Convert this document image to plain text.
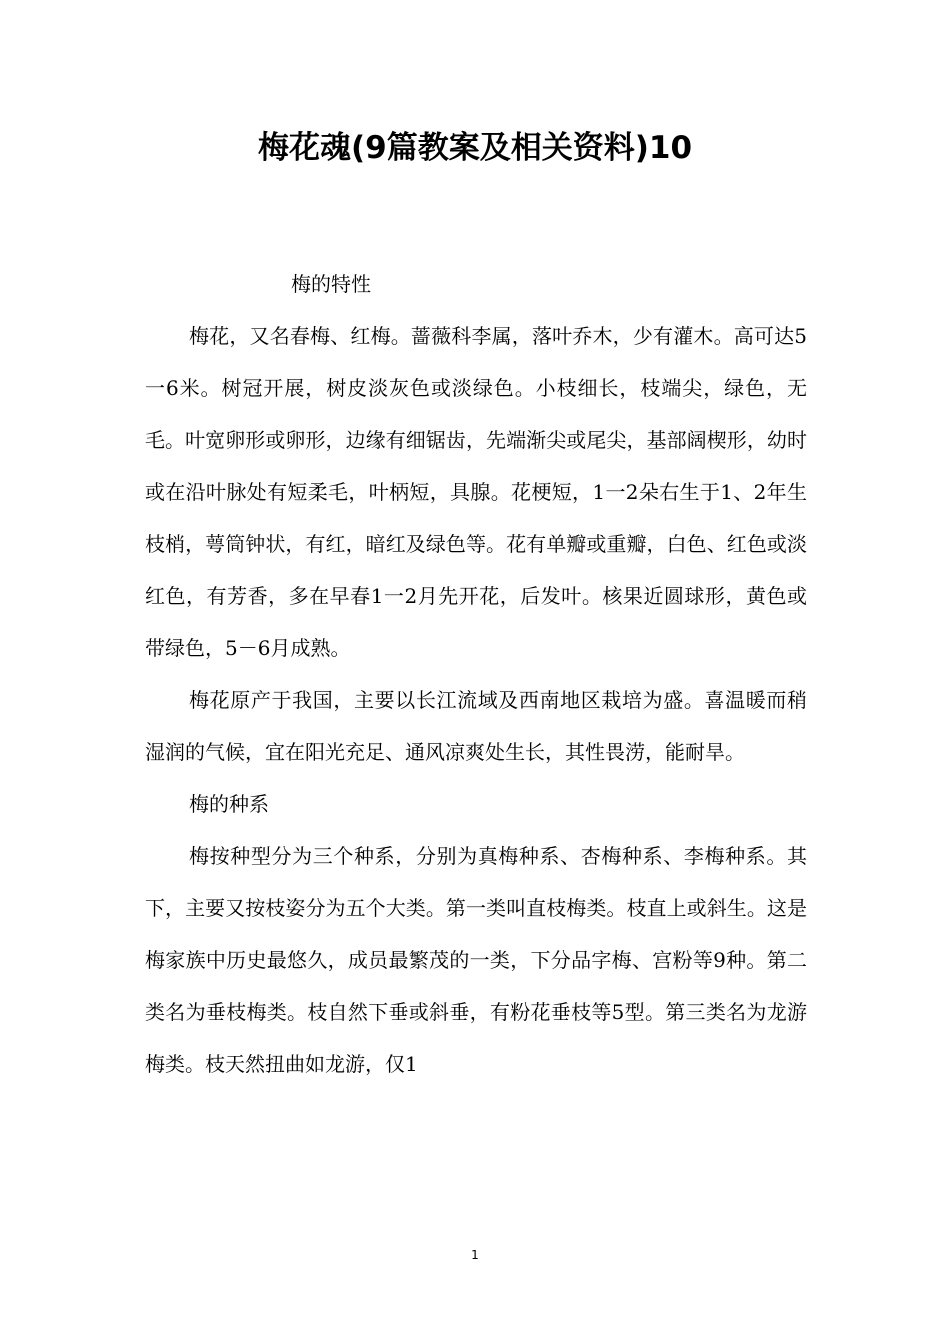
梅花魂(9篇教案及相关资料)10

梅的特性

梅花，又名春梅、红梅。蔷薇科李属，落叶乔木，少有灌木。高可达5一6米。树冠开展，树皮淡灰色或淡绿色。小枝细长，枝端尖，绿色，无毛。叶宽卵形或卵形，边缘有细锯齿，先端渐尖或尾尖，基部阔楔形，幼时或在沿叶脉处有短柔毛，叶柄短，具腺。花梗短，1一2朵右生于1、2年生枝梢，萼筒钟状，有红，暗红及绿色等。花有单瓣或重瓣，白色、红色或淡红色，有芳香，多在早春1一2月先开花，后发叶。核果近圆球形，黄色或带绿色，5－6月成熟。

梅花原产于我国，主要以长江流域及西南地区栽培为盛。喜温暖而稍湿润的气候，宜在阳光充足、通风凉爽处生长，其性畏涝，能耐旱。

梅的种系

梅按种型分为三个种系，分别为真梅种系、杏梅种系、李梅种系。其下，主要又按枝姿分为五个大类。第一类叫直枝梅类。枝直上或斜生。这是梅家族中历史最悠久，成员最繁茂的一类，下分品字梅、宫粉等9种。第二类名为垂枝梅类。枝自然下垂或斜垂，有粉花垂枝等5型。第三类名为龙游梅类。枝天然扭曲如龙游，仅1

1
